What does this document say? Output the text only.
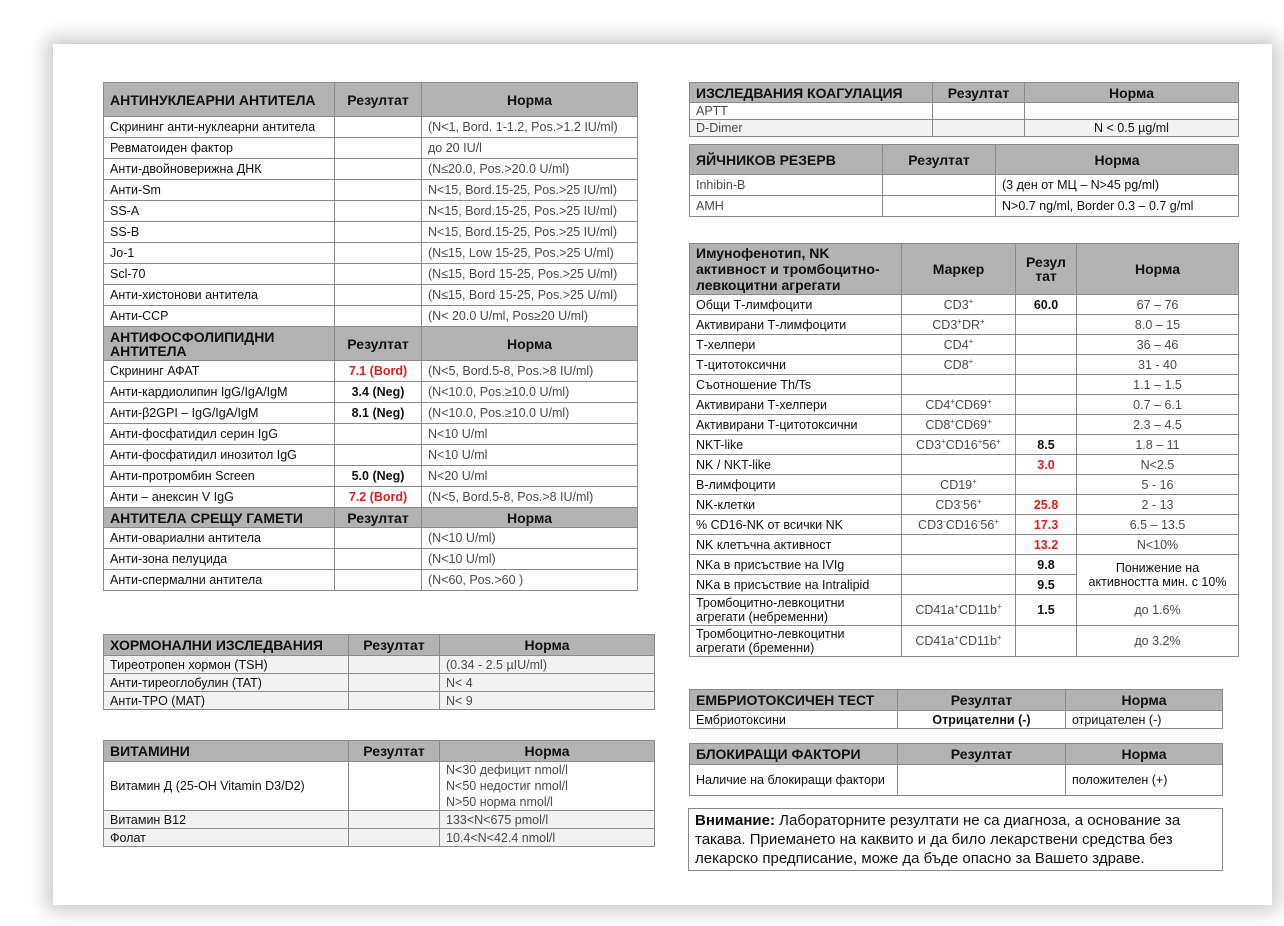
АНТИНУКЛЕАРНИ АНТИТЕЛА	Резултат	Норма
Скрининг анти-нуклеарни антитела		(N<1, Bord. 1-1.2, Pos.>1.2 IU/ml)
Ревматоиден фактор		до 20 IU/l
Анти-двойноверижна ДНК		(N≤20.0, Pos.>20.0 U/ml)
Анти-Sm		N<15, Bord.15-25, Pos.>25 IU/ml)
SS-A		N<15, Bord.15-25, Pos.>25 IU/ml)
SS-B		N<15, Bord.15-25, Pos.>25 IU/ml)
Jo-1		(N≤15, Low 15-25, Pos.>25 U/ml)
Scl-70		(N≤15, Bord 15-25, Pos.>25 U/ml)
Анти-хистонови антитела		(N≤15, Bord 15-25, Pos.>25 U/ml)
Анти-CCP		(N< 20.0 U/ml, Pos≥20 U/ml)
АНТИФОСФОЛИПИДНИ АНТИТЕЛА	Резултат	Норма
Скрининг АФАТ	7.1 (Bord)	(N<5, Bord.5-8, Pos.>8 IU/ml)
Анти-кардиолипин IgG/IgA/IgM	3.4 (Neg)	(N<10.0, Pos.≥10.0 U/ml)
Анти-β2GPI – IgG/IgA/IgM	8.1 (Neg)	(N<10.0, Pos.≥10.0 U/ml)
Анти-фосфатидил серин IgG		N<10 U/ml
Анти-фосфатидил инозитол IgG		N<10 U/ml
Анти-протромбин Screen	5.0 (Neg)	N<20 U/ml
Анти – анексин V IgG	7.2 (Bord)	(N<5, Bord.5-8, Pos.>8 IU/ml)
АНТИТЕЛА СРЕЩУ ГАМЕТИ	Резултат	Норма
Анти-овариални антитела		(N<10 U/ml)
Анти-зона пелуцида		(N<10 U/ml)
Анти-спермални антитела		(N<60, Pos.>60 )
ХОРМОНАЛНИ ИЗСЛЕДВАНИЯ	Резултат	Норма
Тиреотропен хормон (TSH)		(0.34 - 2.5 µIU/ml)
Анти-тиреоглобулин (TAT)		N< 4
Анти-TPO (MAT)		N< 9
ВИТАМИНИ	Резултат	Норма
Витамин Д (25-OH Vitamin D3/D2)		N<30 дефицит nmol/l
N<50 недостиг nmol/l
N>50 норма nmol/l

Витамин B12		133<N<675 pmol/l
Фолат		10.4<N<42.4 nmol/l
ИЗСЛЕДВАНИЯ КОАГУЛАЦИЯ	Резултат	Норма
APTT		
D-Dimer		N < 0.5 µg/ml
ЯЙЧНИКОВ РЕЗЕРВ	Резултат	Норма
Inhibin-B		(3 ден от МЦ – N>45 pg/ml)
AMH		N>0.7 ng/ml, Border 0.3 – 0.7 g/ml
Имунофенотип, NK активност и тромбоцитно-левкоцитни агрегати	Маркер	Резул тат	Норма
Общи Т-лимфоцити	CD3+	60.0	67 – 76
Активирани Т-лимфоцити	CD3+DR+		8.0 – 15
Т-хелпери	CD4+		36 – 46
Т-цитотоксични	CD8+		31 - 40
Съотношение Th/Ts			1.1 – 1.5
Активирани Т-хелпери	CD4+CD69+		0.7 – 6.1
Активирани Т-цитотоксични	CD8+CD69+		2.3 – 4.5
NKT-like	CD3+CD16+56+	8.5	1.8 – 11
NK / NKT-like		3.0	N<2.5
В-лимфоцити	CD19+		5 - 16
NK-клетки	CD3-56+	25.8	2 - 13
% CD16-NK от всички NK	CD3-CD16-56+	17.3	6.5 – 13.5
NK клетъчна активност		13.2	N<10%
NKa в присъствие на IVIg		9.8	Понижение на активността мин. с 10%
NKa в присъствие на Intralipid		9.5	
Тромбоцитно-левкоцитни агрегати (небременни)	CD41a+CD11b+	1.5	до 1.6%
Тромбоцитно-левкоцитни агрегати (бременни)	CD41a+CD11b+		до 3.2%
ЕМБРИОТОКСИЧЕН ТЕСТ	Резултат	Норма
Ембриотоксини	Отрицателни (-)	отрицателен (-)
БЛОКИРАЩИ ФАКТОРИ	Резултат	Норма
Наличие на блокиращи фактори		положителен (+)
Внимание: Лабораторните резултати не са диагноза, а основание за такава. Приемането на каквито и да било лекарствени средства без лекарско предписание, може да бъде опасно за Вашето здраве.
